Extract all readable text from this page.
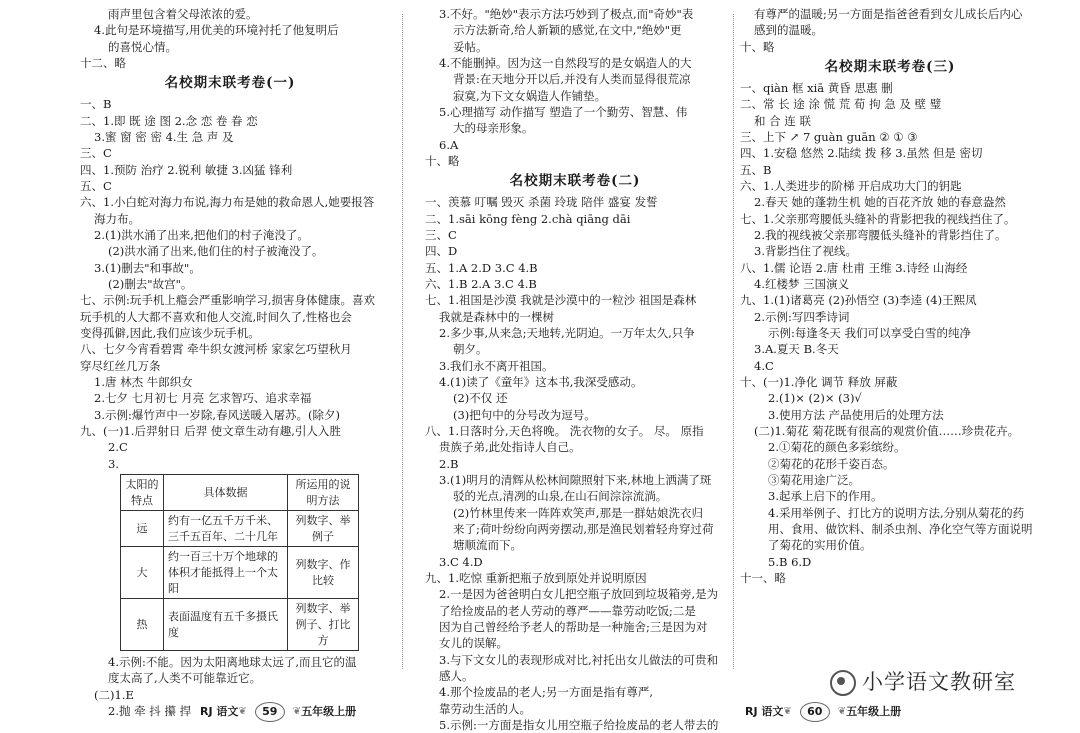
雨声里包含着父母浓浓的爱。
4.此句是环境描写,用优美的环境衬托了他复明后
的喜悦心情。
十二、略
名校期末联考卷(一)
一、B
二、1.即 既 途 图 2.念 恋 卷 眷 恋
3.蜜 窗 密 密 4.生 急 声 及
三、C
四、1.预防 治疗 2.锐利 敏捷 3.凶猛 锋利
五、C
六、1.小白蛇对海力布说,海力布是她的救命恩人,她要报答
海力布。
2.(1)洪水涌了出来,把他们的村子淹没了。
(2)洪水涌了出来,他们住的村子被淹没了。
3.(1)删去"和事故"。
(2)删去"故宫"。
七、示例:玩手机上瘾会严重影响学习,损害身体健康。喜欢
玩手机的人大都不喜欢和他人交流,时间久了,性格也会
变得孤僻,因此,我们应该少玩手机。
八、七夕今宵看碧霄 牵牛织女渡河桥 家家乞巧望秋月
穿尽红丝几万条
1.唐 林杰 牛郎织女
2.七夕 七月初七 月亮 乞求智巧、追求幸福
3.示例:爆竹声中一岁除,春风送暖入屠苏。(除夕)
九、(一)1.后羿射日 后羿 使文章生动有趣,引人入胜
2.C
3.
太阳的特点	具体数据	所运用的说明方法
远	约有一亿五千万千米、三千五百年、二十几年	列数字、举例子
大	约一百三十万个地球的体积才能抵得上一个太阳	列数字、作比较
热	表面温度有五千多摄氏度	列数字、举例子、打比方
4.示例:不能。因为太阳离地球太远了,而且它的温
度太高了,人类不可能靠近它。
(二)1.E
2.抛 牵 抖 攥 捍
3.不好。"绝妙"表示方法巧妙到了极点,而"奇妙"表
示方法新奇,给人新颖的感觉,在文中,"绝妙"更
妥帖。
4.不能删掉。因为这一自然段写的是女娲造人的大
背景:在天地分开以后,并没有人类而显得很荒凉
寂寞,为下文女娲造人作铺垫。
5.心理描写 动作描写 塑造了一个勤劳、智慧、伟
大的母亲形象。
6.A
十、略
名校期末联考卷(二)
一、羡慕 叮嘱 毁灭 杀菌 玲珑 陪伴 盛宴 发誓
二、1.sāi kōng fèng 2.chà qiāng dāi
三、C
四、D
五、1.A 2.D 3.C 4.B
六、1.B 2.A 3.C 4.B
七、1.祖国是沙漠 我就是沙漠中的一粒沙 祖国是森林
我就是森林中的一棵树
2.多少事,从来急;天地转,光阴迫。一万年太久,只争
朝夕。
3.我们永不离开祖国。
4.(1)读了《童年》这本书,我深受感动。
(2)不仅 还
(3)把句中的分号改为逗号。
八、1.日落时分,天色将晚。 洗衣物的女子。 尽。 原指
贵族子弟,此处指诗人自己。
2.B
3.(1)明月的清辉从松林间隙照射下来,林地上洒满了斑
驳的光点,清冽的山泉,在山石间淙淙流淌。
(2)竹林里传来一阵阵欢笑声,那是一群姑娘洗衣归
来了;荷叶纷纷向两旁摆动,那是渔民划着轻舟穿过荷
塘顺流而下。
3.C 4.D
九、1.吃惊 重新把瓶子放到原处并说明原因
2.一是因为爸爸明白女儿把空瓶子放回到垃圾箱旁,是为
了给捡废品的老人劳动的尊严——靠劳动吃饭;二是
因为自己曾经给予老人的帮助是一种施舍;三是因为对
女儿的误解。
3.与下文女儿的表现形成对比,衬托出女儿做法的可贵和
感人。
4.那个捡废品的老人;另一方面是指有尊严,
靠劳动生活的人。
5.示例:一方面是指女儿用空瓶子给捡废品的老人带去的
有尊严的温暖;另一方面是指爸爸看到女儿成长后内心
感到的温暖。
十、略
名校期末联考卷(三)
一、qiàn 框 xiā 黄昏 思惠 删
二、常 长 途 涂 慌 荒 荀 拘 急 及 壁 璧
和 合 连 联
三、上下 ↗ 7 guàn guān ② ① ③
四、1.安稳 悠然 2.陆续 拨 移 3.虽然 但是 密切
五、B
六、1.人类进步的阶梯 开启成功大门的钥匙
2.春天 她的蓬勃生机 她的百花齐放 她的春意盎然
七、1.父亲那弯腰低头缝补的背影把我的视线挡住了。
2.我的视线被父亲那弯腰低头缝补的背影挡住了。
3.背影挡住了视线。
八、1.儒 论语 2.唐 杜甫 王维 3.诗经 山海经
4.红楼梦 三国演义
九、1.(1)诸葛亮 (2)孙悟空 (3)李逵 (4)王熙凤
2.示例:写四季诗词
示例:每逢冬天 我们可以享受白雪的纯净
3.A.夏天 B.冬天
4.C
十、(一)1.净化 调节 释放 屏蔽
2.(1)× (2)× (3)√
3.使用方法 产品使用后的处理方法
(二)1.菊花 菊花既有很高的观赏价值……珍贵花卉。
2.①菊花的颜色多彩缤纷。
②菊花的花形千姿百态。
③菊花用途广泛。
3.起承上启下的作用。
4.采用举例子、打比方的说明方法,分别从菊花的药
用、食用、做饮料、制杀虫剂、净化空气等方面说明
了菊花的实用价值。
5.B 6.D
十一、略
RJ 语文 ❦	59	❦ 五年级上册	RJ 语文 ❦	60	❦ 五年级上册
小学语文教研室
